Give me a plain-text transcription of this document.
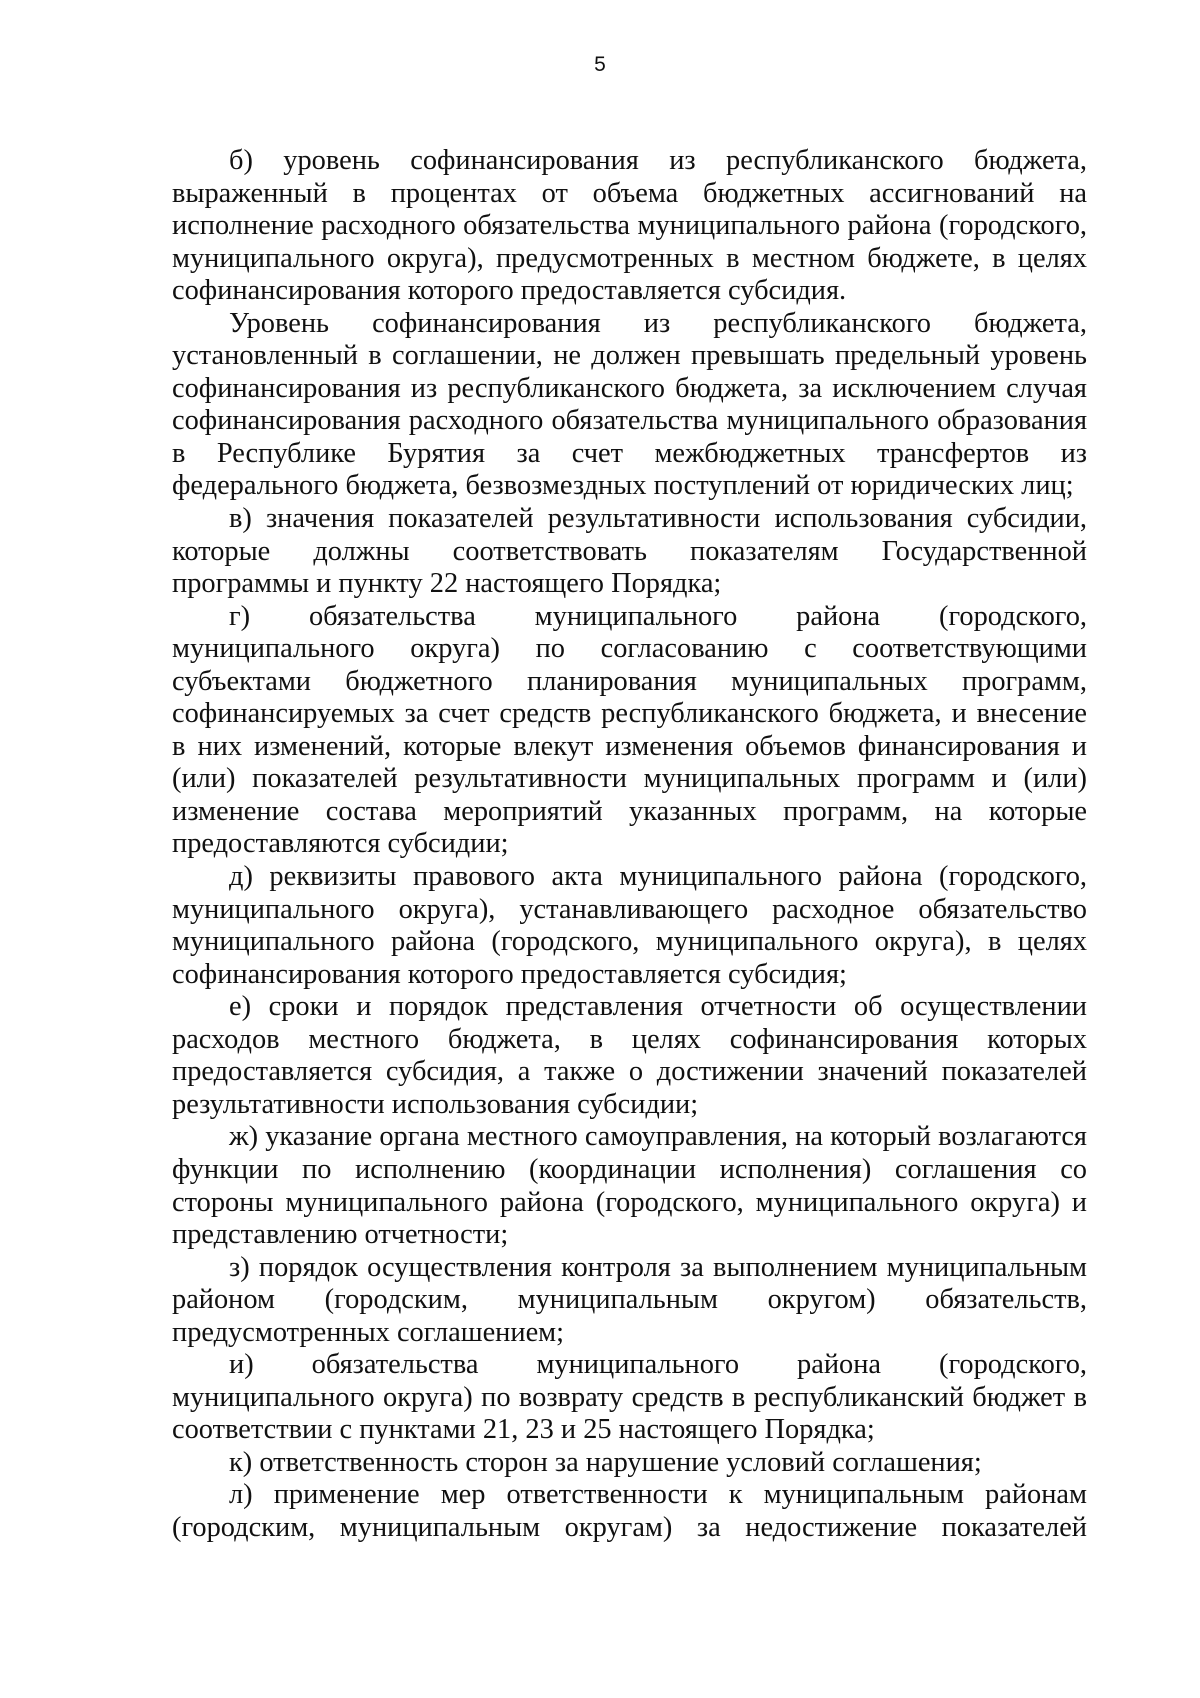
5

б) уровень софинансирования из республиканского бюджета, выраженный в процентах от объема бюджетных ассигнований на исполнение расходного обязательства муниципального района (городского, муниципального округа), предусмотренных в местном бюджете, в целях софинансирования которого предоставляется субсидия.

Уровень софинансирования из республиканского бюджета, установленный в соглашении, не должен превышать предельный уровень софинансирования из республиканского бюджета, за исключением случая софинансирования расходного обязательства муниципального образования в Республике Бурятия за счет межбюджетных трансфертов из федерального бюджета, безвозмездных поступлений от юридических лиц;

в) значения показателей результативности использования субсидии, которые должны соответствовать показателям Государственной программы и пункту 22 настоящего Порядка;

г) обязательства муниципального района (городского, муниципального округа) по согласованию с соответствующими субъектами бюджетного планирования муниципальных программ, софинансируемых за счет средств республиканского бюджета, и внесение в них изменений, которые влекут изменения объемов финансирования и (или) показателей результативности муниципальных программ и (или) изменение состава мероприятий указанных программ, на которые предоставляются субсидии;

д) реквизиты правового акта муниципального района (городского, муниципального округа), устанавливающего расходное обязательство муниципального района (городского, муниципального округа), в целях софинансирования которого предоставляется субсидия;

е) сроки и порядок представления отчетности об осуществлении расходов местного бюджета, в целях софинансирования которых предоставляется субсидия, а также о достижении значений показателей результативности использования субсидии;

ж) указание органа местного самоуправления, на который возлагаются функции по исполнению (координации исполнения) соглашения со стороны муниципального района (городского, муниципального округа) и представлению отчетности;

з) порядок осуществления контроля за выполнением муниципальным районом (городским, муниципальным округом) обязательств, предусмотренных соглашением;

и) обязательства муниципального района (городского, муниципального округа) по возврату средств в республиканский бюджет в соответствии с пунктами 21, 23 и 25 настоящего Порядка;

к) ответственность сторон за нарушение условий соглашения;

л) применение мер ответственности к муниципальным районам (городским, муниципальным округам) за недостижение показателей
